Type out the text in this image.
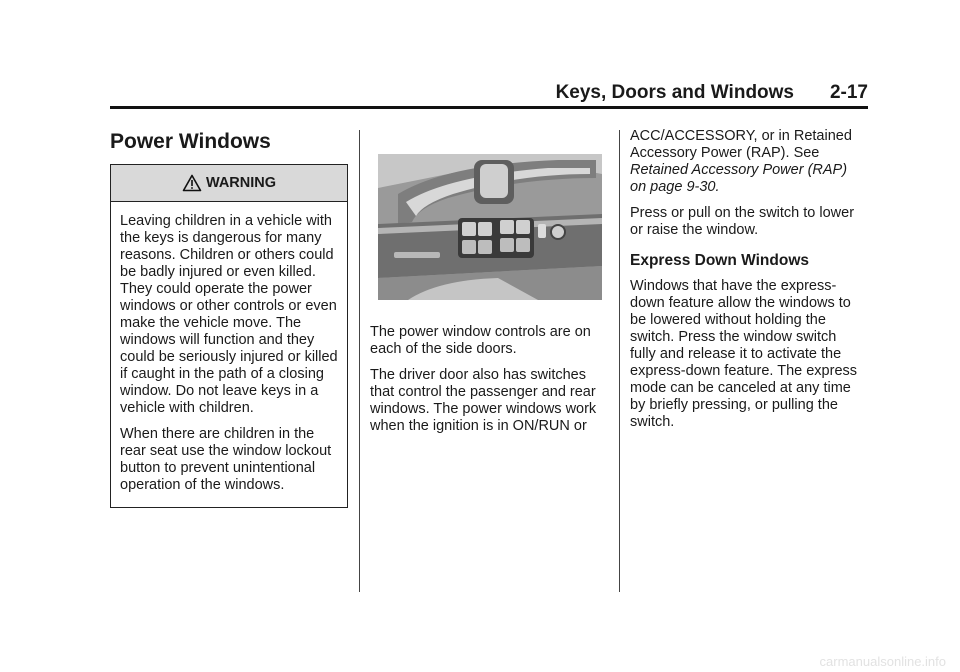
Keys, Doors and Windows 2-17
Power Windows
WARNING

Leaving children in a vehicle with the keys is dangerous for many reasons. Children or others could be badly injured or even killed. They could operate the power windows or other controls or even make the vehicle move. The windows will function and they could be seriously injured or killed if caught in the path of a closing window. Do not leave keys in a vehicle with children.

When there are children in the rear seat use the window lockout button to prevent unintentional operation of the windows.

The power window controls are on each of the side doors.

The driver door also has switches that control the passenger and rear windows. The power windows work when the ignition is in ON/RUN or

ACC/ACCESSORY, or in Retained Accessory Power (RAP). See Retained Accessory Power (RAP) on page 9-30.

Press or pull on the switch to lower or raise the window.

Express Down Windows

Windows that have the express-down feature allow the windows to be lowered without holding the switch. Press the window switch fully and release it to activate the express-down feature. The express mode can be canceled at any time by briefly pressing, or pulling the switch.

carmanualsonline.info
